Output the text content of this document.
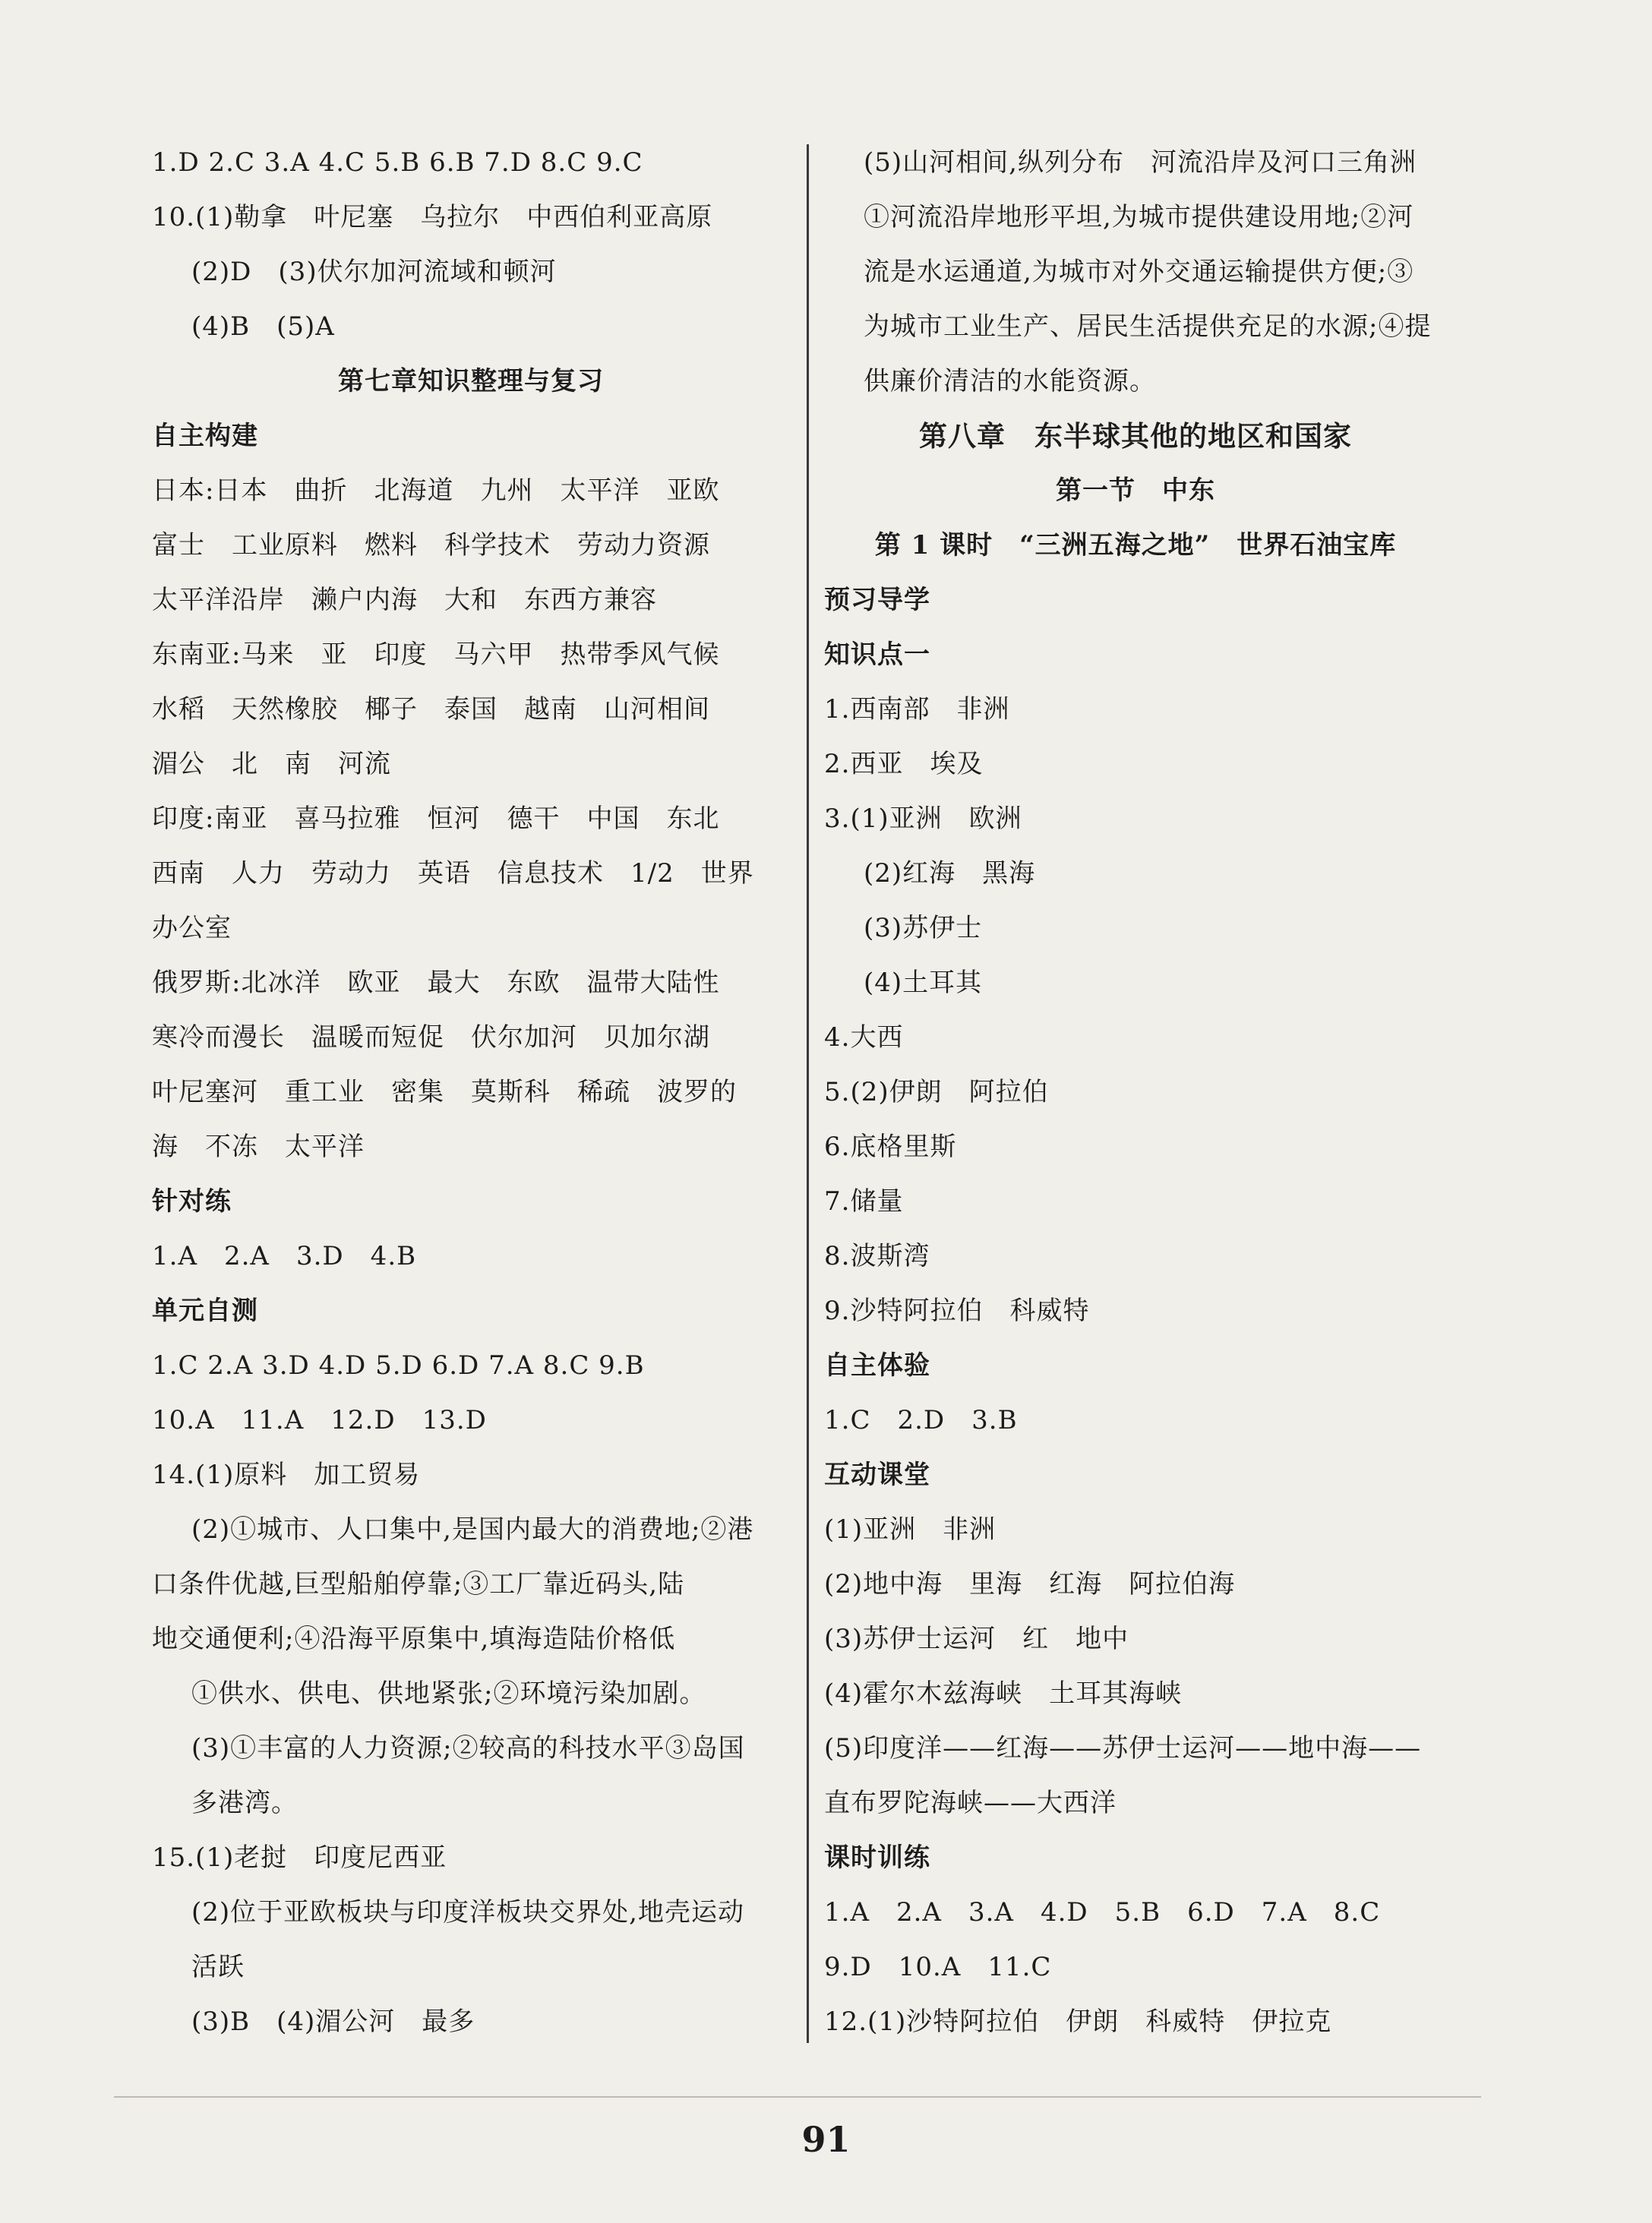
1.D 2.C 3.A 4.C 5.B 6.B 7.D 8.C 9.C
10.(1)勒拿　叶尼塞　乌拉尔　中西伯利亚高原
(2)D　(3)伏尔加河流域和顿河
(4)B　(5)A
第七章知识整理与复习
自主构建
日本:日本　曲折　北海道　九州　太平洋　亚欧
富士　工业原料　燃料　科学技术　劳动力资源
太平洋沿岸　濑户内海　大和　东西方兼容
东南亚:马来　亚　印度　马六甲　热带季风气候
水稻　天然橡胶　椰子　泰国　越南　山河相间
湄公　北　南　河流
印度:南亚　喜马拉雅　恒河　德干　中国　东北
西南　人力　劳动力　英语　信息技术　1/2　世界
办公室
俄罗斯:北冰洋　欧亚　最大　东欧　温带大陆性
寒冷而漫长　温暖而短促　伏尔加河　贝加尔湖
叶尼塞河　重工业　密集　莫斯科　稀疏　波罗的
海　不冻　太平洋
针对练
1.A　2.A　3.D　4.B
单元自测
1.C 2.A 3.D 4.D 5.D 6.D 7.A 8.C 9.B
10.A　11.A　12.D　13.D
14.(1)原料　加工贸易
(2)①城市、人口集中,是国内最大的消费地;②港
口条件优越,巨型船舶停靠;③工厂靠近码头,陆
地交通便利;④沿海平原集中,填海造陆价格低
①供水、供电、供地紧张;②环境污染加剧。
(3)①丰富的人力资源;②较高的科技水平③岛国
多港湾。
15.(1)老挝　印度尼西亚
(2)位于亚欧板块与印度洋板块交界处,地壳运动
活跃
(3)B　(4)湄公河　最多
(5)山河相间,纵列分布　河流沿岸及河口三角洲
①河流沿岸地形平坦,为城市提供建设用地;②河
流是水运通道,为城市对外交通运输提供方便;③
为城市工业生产、居民生活提供充足的水源;④提
供廉价清洁的水能资源。
第八章　东半球其他的地区和国家
第一节　中东
第 1 课时　“三洲五海之地”　世界石油宝库
预习导学
知识点一
1.西南部　非洲
2.西亚　埃及
3.(1)亚洲　欧洲
(2)红海　黑海
(3)苏伊士
(4)土耳其
4.大西
5.(2)伊朗　阿拉伯
6.底格里斯
7.储量
8.波斯湾
9.沙特阿拉伯　科威特
自主体验
1.C　2.D　3.B
互动课堂
(1)亚洲　非洲
(2)地中海　里海　红海　阿拉伯海
(3)苏伊士运河　红　地中
(4)霍尔木兹海峡　土耳其海峡
(5)印度洋——红海——苏伊士运河——地中海——
直布罗陀海峡——大西洋
课时训练
1.A　2.A　3.A　4.D　5.B　6.D　7.A　8.C
9.D　10.A　11.C
12.(1)沙特阿拉伯　伊朗　科威特　伊拉克
91
